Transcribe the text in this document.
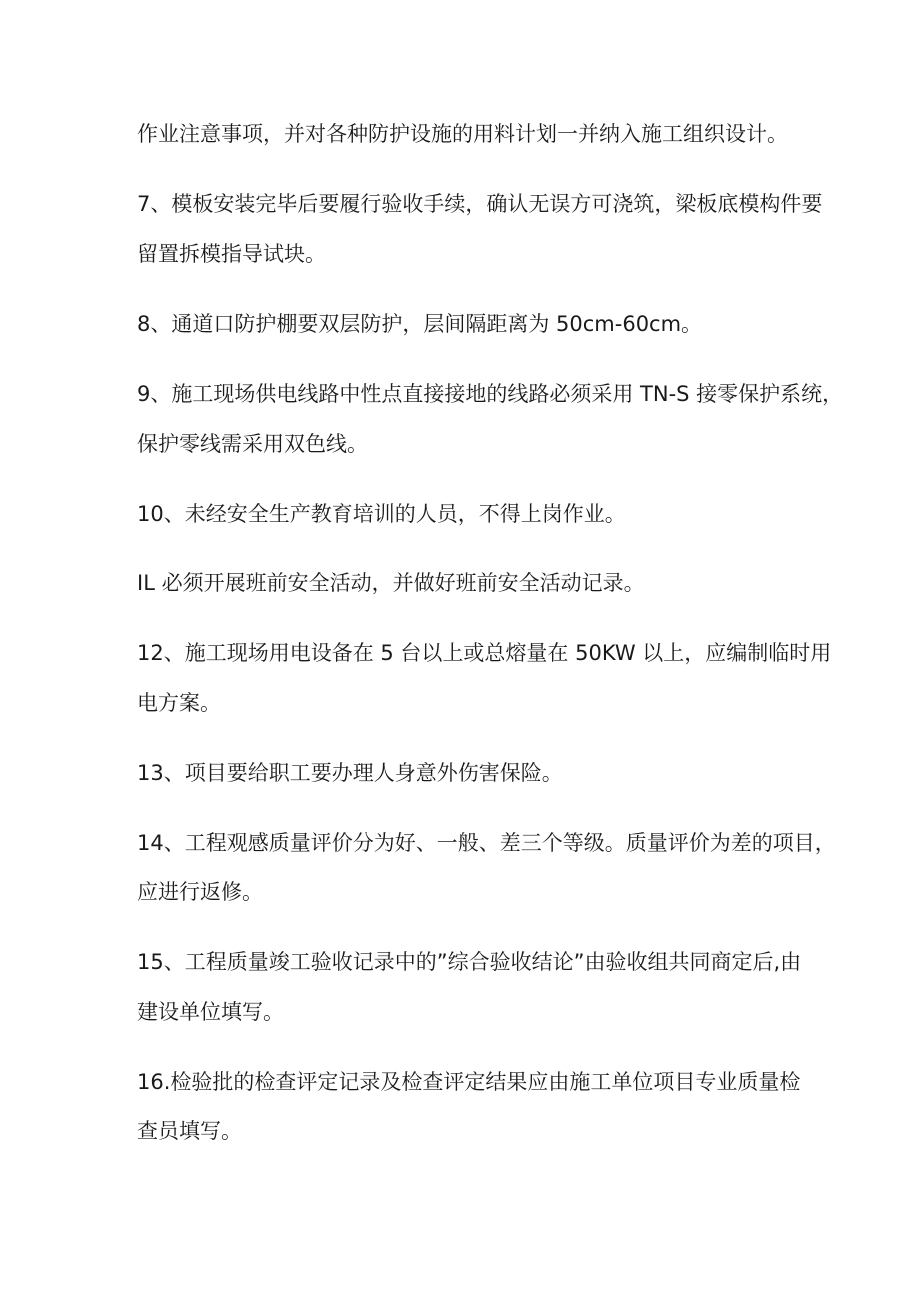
作业注意事项，并对各种防护设施的用料计划一并纳入施工组织设计。
7、模板安装完毕后要履行验收手续，确认无误方可浇筑，梁板底模构件要
留置拆模指导试块。
8、通道口防护棚要双层防护，层间隔距离为 50cm-60cm。
9、施工现场供电线路中性点直接接地的线路必须采用 TN-S 接零保护系统，
保护零线需采用双色线。
10、未经安全生产教育培训的人员，不得上岗作业。
IL 必须开展班前安全活动，并做好班前安全活动记录。
12、施工现场用电设备在 5 台以上或总熔量在 50KW 以上，应编制临时用
电方案。
13、项目要给职工要办理人身意外伤害保险。
14、工程观感质量评价分为好、一般、差三个等级。质量评价为差的项目，
应进行返修。
15、工程质量竣工验收记录中的”综合验收结论”由验收组共同商定后,由
建设单位填写。
16.检验批的检查评定记录及检查评定结果应由施工单位项目专业质量检
查员填写。
